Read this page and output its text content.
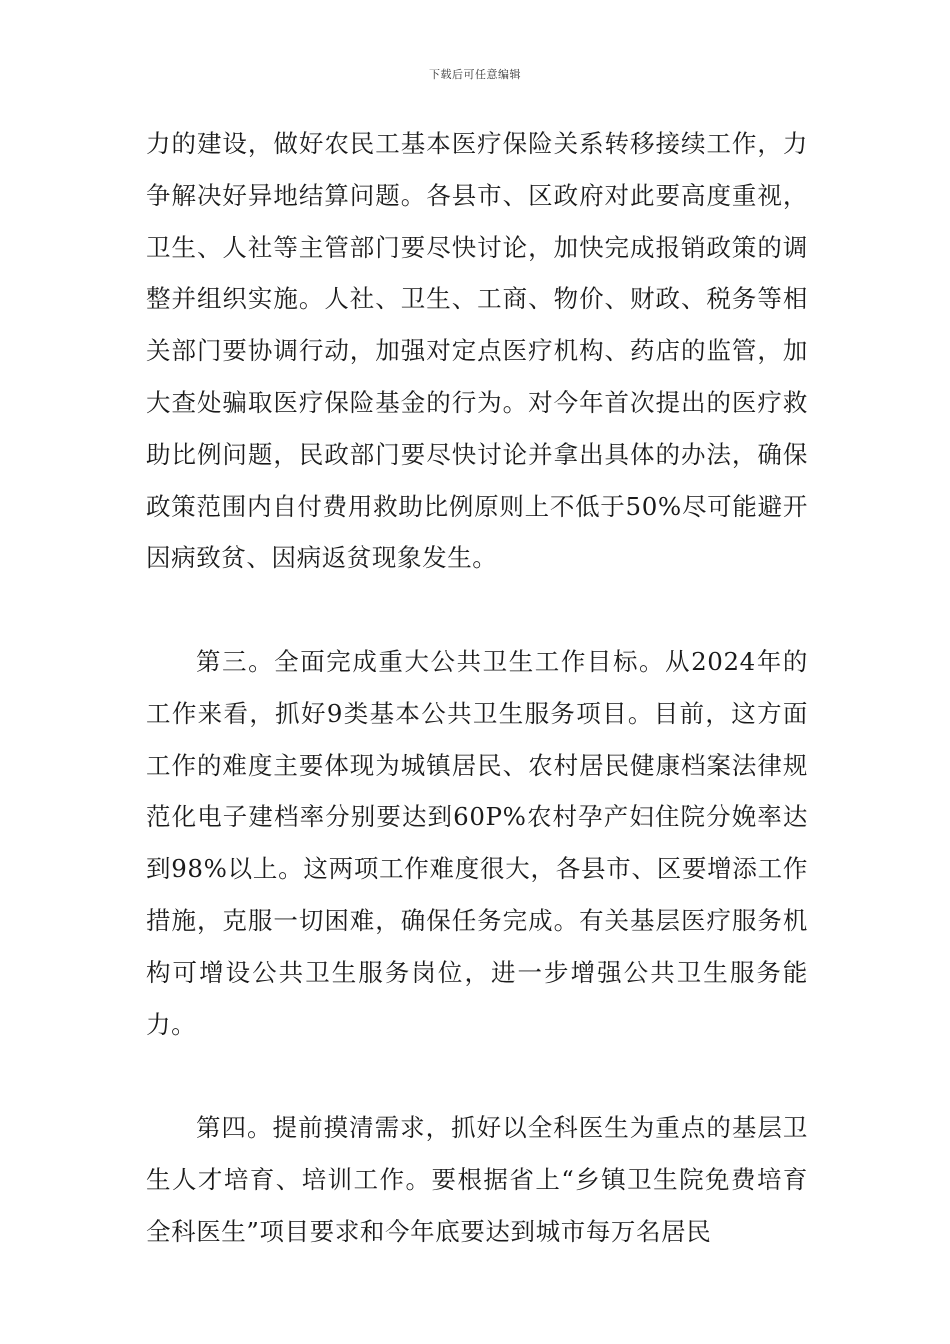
下载后可任意编辑

力的建设，做好农民工基本医疗保险关系转移接续工作，力争解决好异地结算问题。各县市、区政府对此要高度重视，卫生、人社等主管部门要尽快讨论，加快完成报销政策的调整并组织实施。人社、卫生、工商、物价、财政、税务等相关部门要协调行动，加强对定点医疗机构、药店的监管，加大查处骗取医疗保险基金的行为。对今年首次提出的医疗救助比例问题，民政部门要尽快讨论并拿出具体的办法，确保政策范围内自付费用救助比例原则上不低于50%尽可能避开因病致贫、因病返贫现象发生。

第三。全面完成重大公共卫生工作目标。从2024年的工作来看，抓好9类基本公共卫生服务项目。目前，这方面工作的难度主要体现为城镇居民、农村居民健康档案法律规范化电子建档率分别要达到60P%农村孕产妇住院分娩率达到98%以上。这两项工作难度很大，各县市、区要增添工作措施，克服一切困难，确保任务完成。有关基层医疗服务机构可增设公共卫生服务岗位，进一步增强公共卫生服务能力。

第四。提前摸清需求，抓好以全科医生为重点的基层卫生人才培育、培训工作。要根据省上“乡镇卫生院免费培育全科医生”项目要求和今年底要达到城市每万名居民
